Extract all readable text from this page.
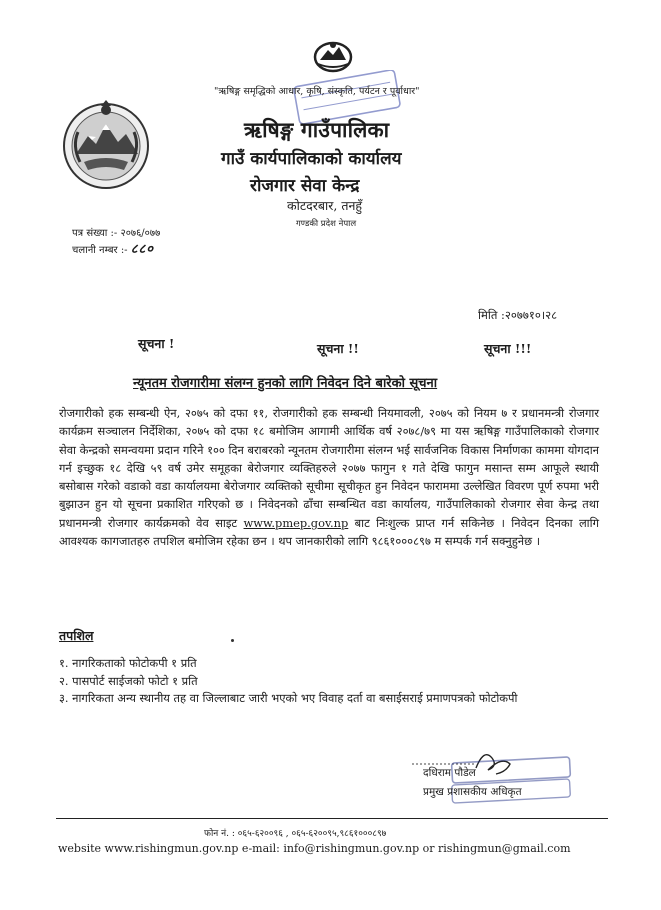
"ऋषिङ्ग समृद्धिको आधार, कृषि, संस्कृति, पर्यटन र पूर्वाधार"
ऋषिङ्ग गाउँपालिका
गाउँ कार्यपालिकाको कार्यालय
रोजगार सेवा केन्द्र
कोटदरबार, तनहुँ
गण्डकी प्रदेश नेपाल
पत्र संख्या :- २०७६/०७७
चलानी नम्बर :- ८८०
मिति :२०७७१०।२८
सूचना !	सूचना !!	सूचना !!!
न्यूनतम रोजगारीमा संलग्न हुनको लागि निवेदन दिने बारेको सूचना
रोजगारीको हक सम्बन्धी ऐन, २०७५ को दफा ११, रोजगारीको हक सम्बन्धी नियमावली, २०७५ को नियम ७ र प्रधानमन्त्री रोजगार कार्यक्रम सञ्चालन निर्देशिका, २०७५ को दफा १८ बमोजिम आगामी आर्थिक वर्ष २०७८/७९ मा यस ऋषिङ्ग गाउँपालिकाको रोजगार सेवा केन्द्रको समन्वयमा प्रदान गरिने १०० दिन बराबरको न्यूनतम रोजगारीमा संलग्न भई सार्वजनिक विकास निर्माणका काममा योगदान गर्न इच्छुक १८ देखि ५९ वर्ष उमेर समूहका बेरोजगार व्यक्तिहरुले २०७७ फागुन १ गते देखि फागुन मसान्त सम्म आफूले स्थायी बसोबास गरेको वडाको वडा कार्यालयमा बेरोजगार व्यक्तिको सूचीमा सूचीकृत हुन निवेदन फाराममा उल्लेखित विवरण पूर्ण रुपमा भरी बुझाउन हुन यो सूचना प्रकाशित गरिएको छ । निवेदनको ढाँचा सम्बन्धित वडा कार्यालय, गाउँपालिकाको रोजगार सेवा केन्द्र तथा प्रधानमन्त्री रोजगार कार्यक्रमको वेव साइट www.pmep.gov.np बाट निःशुल्क प्राप्त गर्न सकिनेछ । निवेदन दिनका लागि आवश्यक कागजातहरु तपशिल बमोजिम रहेका छन । थप जानकारीको लागि ९८६१०००८९७ म सम्पर्क गर्न सक्नुहुनेछ ।
तपशिल

१. नागरिकताको फोटोकपी १ प्रति

२. पासपोर्ट साईजको फोटो १ प्रति

३. नागरिकता अन्य स्थानीय तह वा जिल्लाबाट जारी भएको भए विवाह दर्ता वा बसाईसराई प्रमाणपत्रको फोटोकपी

दधिराम पौडेल
प्रमुख प्रशासकीय अधिकृत
फोन नं. : ०६५-६२००९६ , ०६५-६२००९५,९८६१०००८९७
website www.rishingmun.gov.np e-mail: info@rishingmun.gov.np or rishingmun@gmail.com
